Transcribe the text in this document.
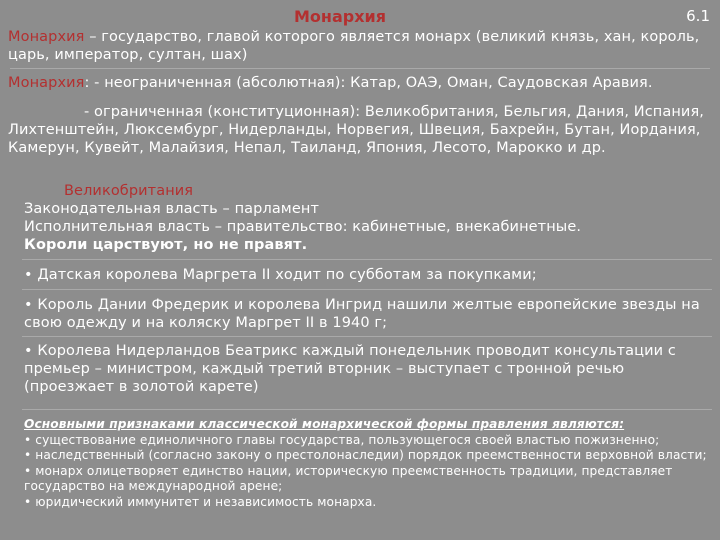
Монархия	6.1
Монархия – государство, главой которого является монарх (великий князь, хан, король, царь, император, султан, шах)
Монархия: - неограниченная (абсолютная): Катар, ОАЭ, Оман, Саудовская Аравия.
- ограниченная (конституционная): Великобритания, Бельгия, Дания, Испания, Лихтенштейн, Люксембург, Нидерланды, Норвегия, Швеция, Бахрейн, Бутан, Иордания, Камерун, Кувейт, Малайзия, Непал, Таиланд, Япония, Лесото, Марокко и др.
Великобритания
Законодательная власть – парламент
Исполнительная власть – правительство: кабинетные, внекабинетные.
Короли царствуют, но не правят.
• Датская королева Маргрета II ходит по субботам за покупками;
• Король Дании Фредерик и королева Ингрид нашили желтые европейские звезды на свою одежду и на коляску Маргрет II в 1940 г;
• Королева Нидерландов Беатрикс каждый понедельник проводит консультации с премьер – министром, каждый третий вторник – выступает с тронной речью (проезжает в золотой карете)
Основными признаками классической монархической формы правления являются:
• существование единоличного главы государства, пользующегося своей властью пожизненно;
• наследственный (согласно закону о престолонаследии) порядок преемственности верховной власти;
• монарх олицетворяет единство нации, историческую преемственность традиции, представляет государство на международной арене;
• юридический иммунитет и независимость монарха.
